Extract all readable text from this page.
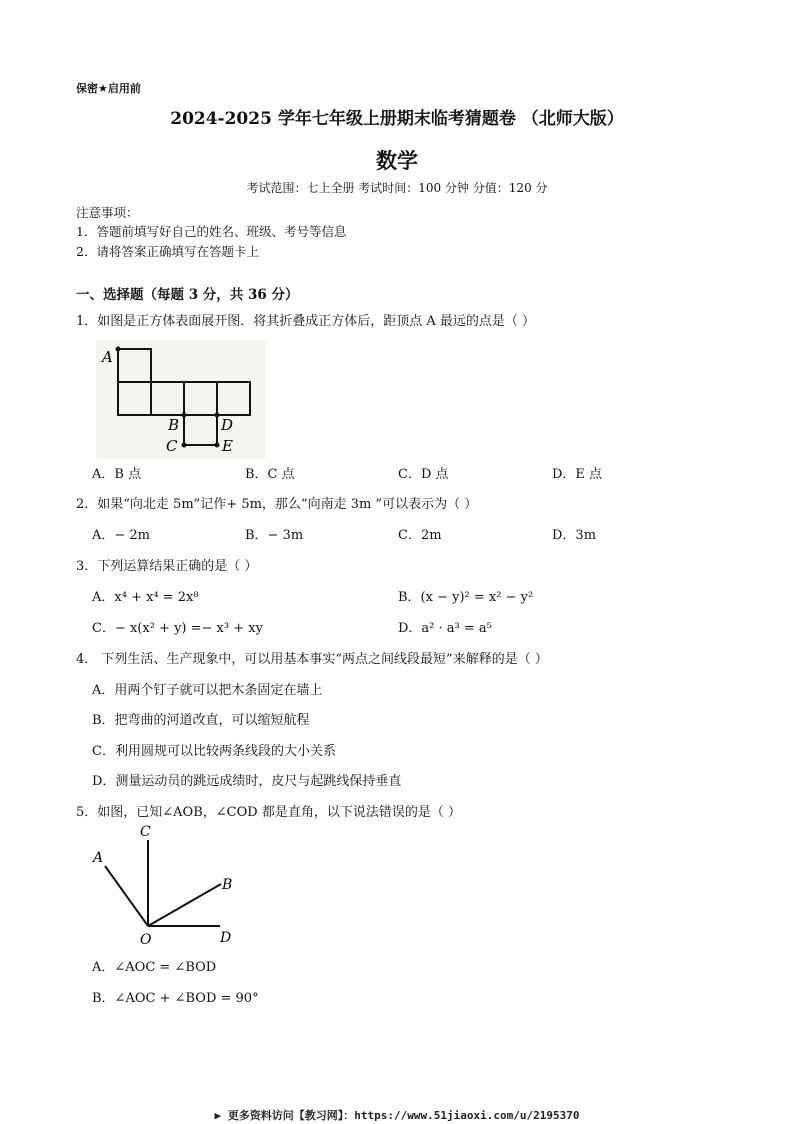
保密★启用前
2024-2025 学年七年级上册期末临考猜题卷 （北师大版）
数学
考试范围：七上全册 考试时间：100 分钟 分值：120 分
注意事项：
1．答题前填写好自己的姓名、班级、考号等信息
2．请将答案正确填写在答题卡上
一、选择题（每题 3 分，共 36 分）
1．如图是正方体表面展开图．将其折叠成正方体后，距顶点 A 最远的点是（ ）
A
B	D
C	E
A．B 点	B．C 点	C．D 点	D．E 点
2．如果“向北走 5m”记作+ 5m，那么“向南走 3m ”可以表示为（ ）
A．− 2m	B．− 3m	C．2m	D．3m
3．下列运算结果正确的是（ ）
A．x⁴ + x⁴ = 2x⁸	B．(x − y)² = x² − y²
C．− x(x² + y) =− x³ + xy	D．a² · a³ = a⁵
4． 下列生活、生产现象中，可以用基本事实“两点之间线段最短”来解释的是（ ）
A．用两个钉子就可以把木条固定在墙上
B．把弯曲的河道改直，可以缩短航程
C．利用圆规可以比较两条线段的大小关系
D．测量运动员的跳远成绩时，皮尺与起跳线保持垂直
5．如图，已知∠AOB，∠COD 都是直角，以下说法错误的是（ ）
C
A
B
O	D
A．∠AOC = ∠BOD
B．∠AOC + ∠BOD = 90°
▶ 更多资料访问【教习网】：https://www.51jiaoxi.com/u/2195370
